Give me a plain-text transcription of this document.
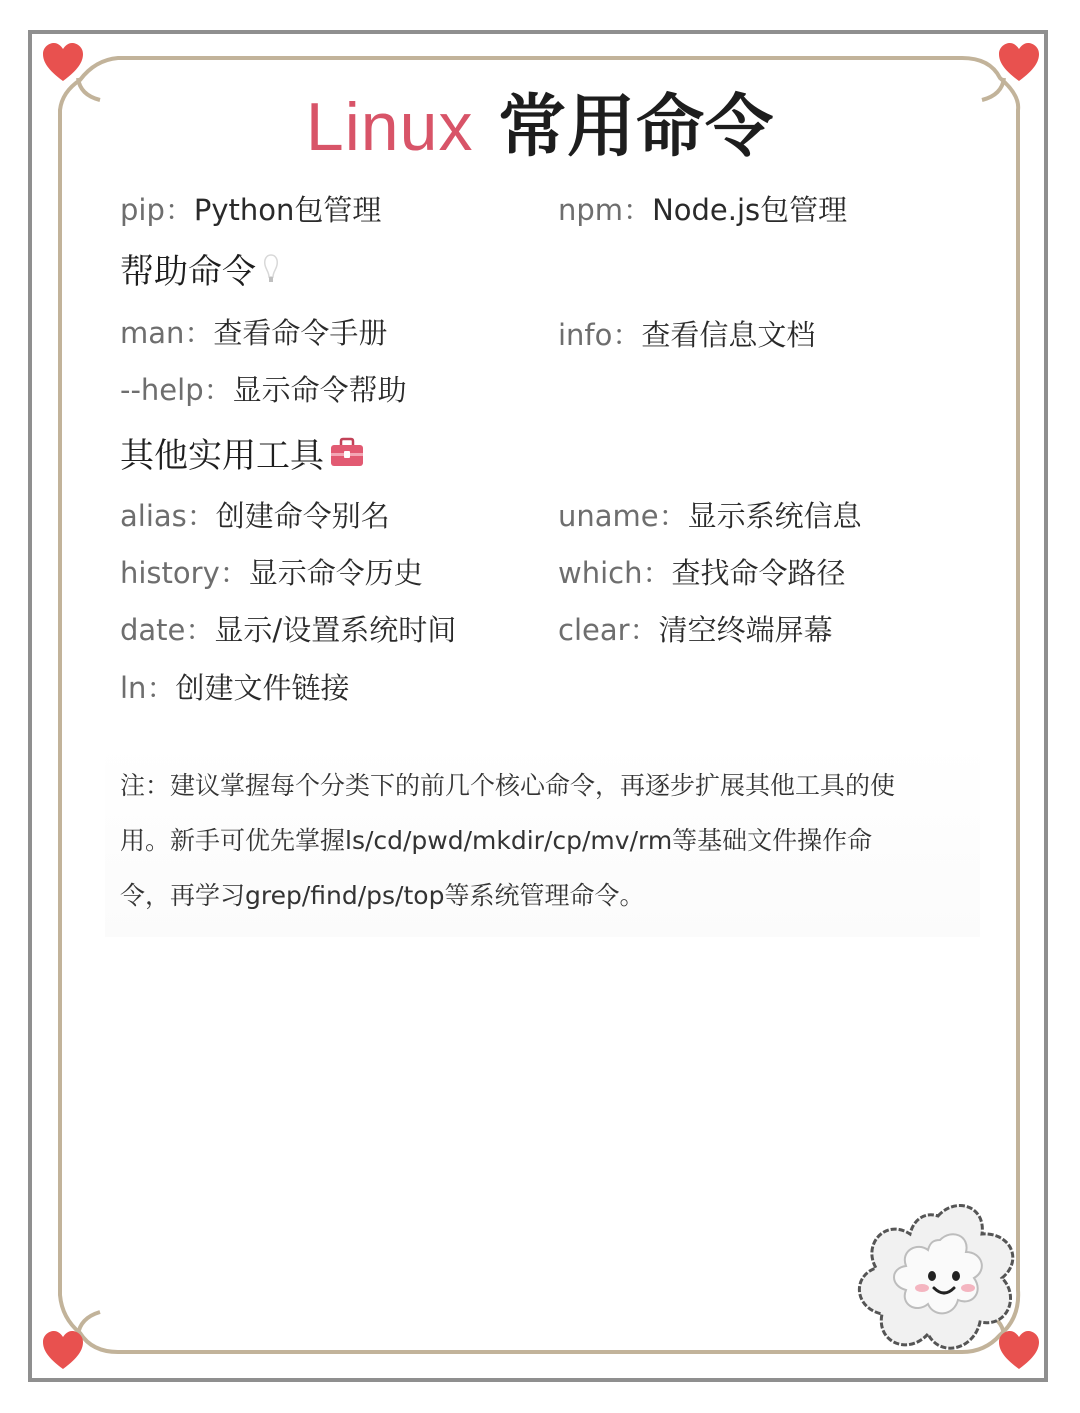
Linux 常用命令
pip：Python包管理	npm：Node.js包管理
帮助命令
man：查看命令手册	info：查看信息文档
--help：显示命令帮助
其他实用工具
alias：创建命令别名	uname：显示系统信息
history：显示命令历史	which：查找命令路径
date：显示/设置系统时间	clear：清空终端屏幕
ln：创建文件链接
注：建议掌握每个分类下的前几个核心命令，再逐步扩展其他工具的使
用。新手可优先掌握ls/cd/pwd/mkdir/cp/mv/rm等基础文件操作命
令，再学习grep/find/ps/top等系统管理命令。
